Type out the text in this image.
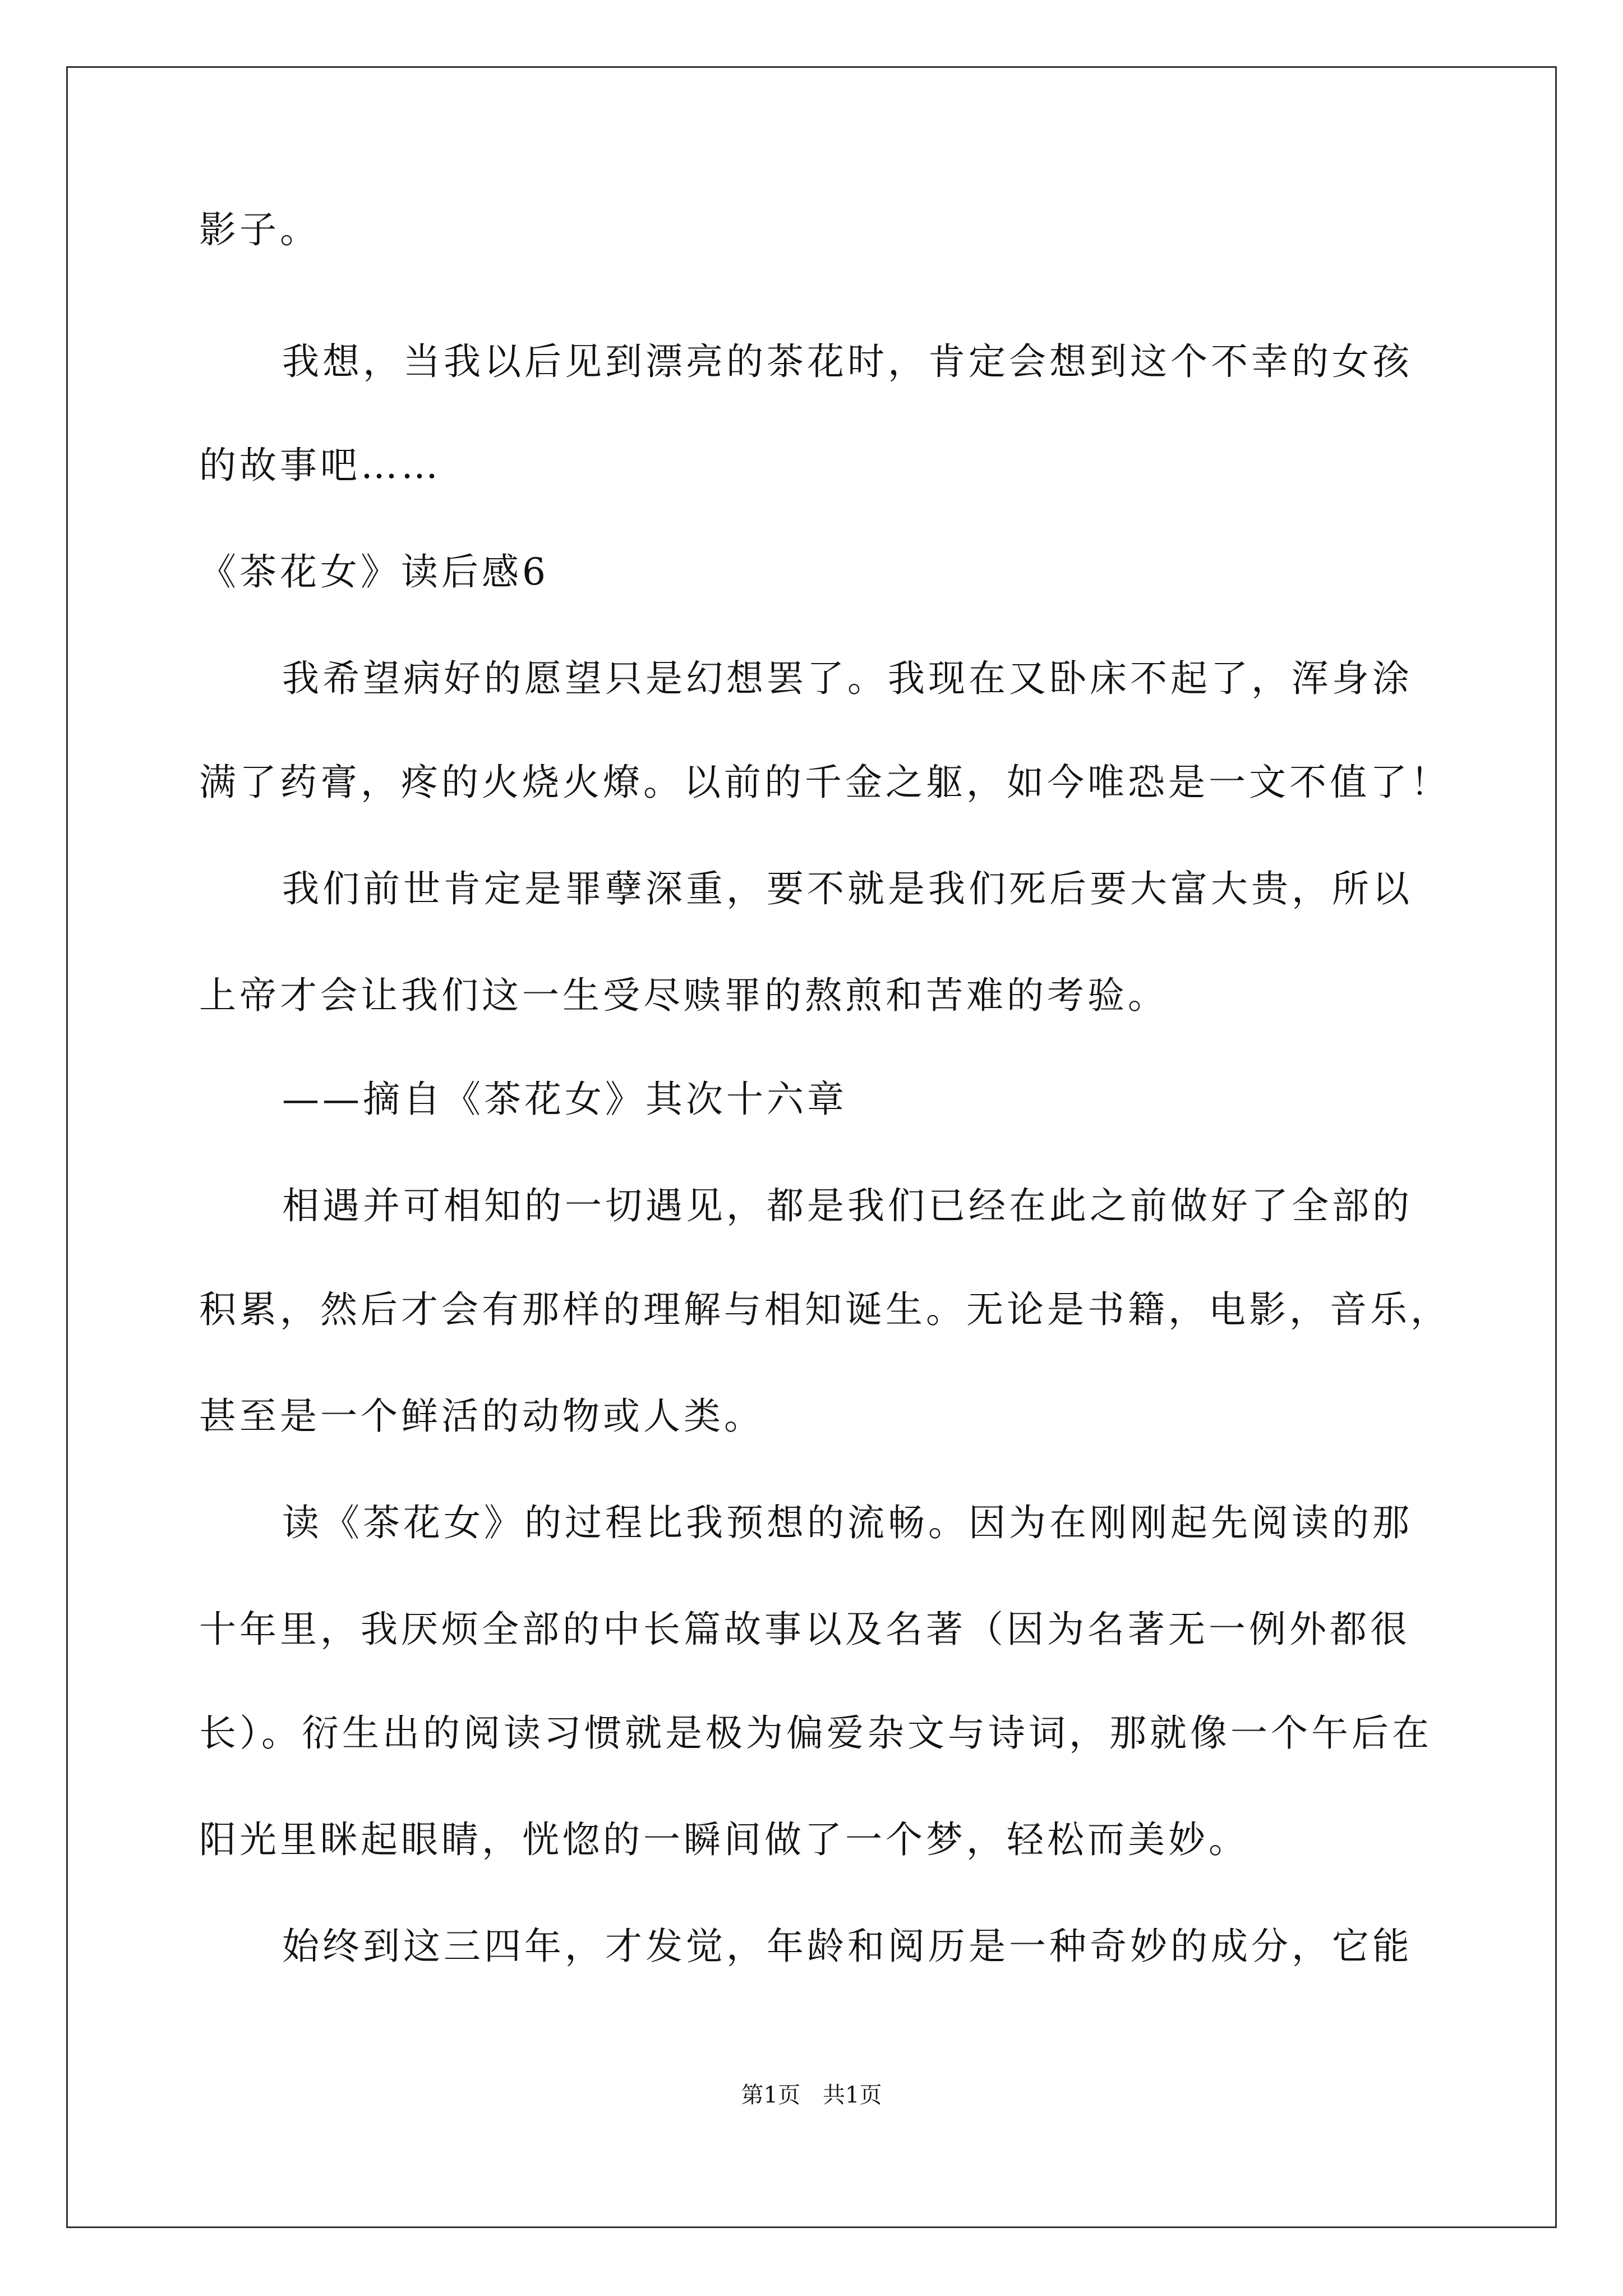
影子。
我想，当我以后见到漂亮的茶花时，肯定会想到这个不幸的女孩
的故事吧……
《茶花女》读后感6
我希望病好的愿望只是幻想罢了。我现在又卧床不起了，浑身涂
满了药膏，疼的火烧火燎。以前的千金之躯，如今唯恐是一文不值了！
我们前世肯定是罪孽深重，要不就是我们死后要大富大贵，所以
上帝才会让我们这一生受尽赎罪的熬煎和苦难的考验。
——摘自《茶花女》其次十六章
相遇并可相知的一切遇见，都是我们已经在此之前做好了全部的
积累，然后才会有那样的理解与相知诞生。无论是书籍，电影，音乐，
甚至是一个鲜活的动物或人类。
读《茶花女》的过程比我预想的流畅。因为在刚刚起先阅读的那
十年里，我厌烦全部的中长篇故事以及名著（因为名著无一例外都很
长）。衍生出的阅读习惯就是极为偏爱杂文与诗词，那就像一个午后在
阳光里眯起眼睛，恍惚的一瞬间做了一个梦，轻松而美妙。
始终到这三四年，才发觉，年龄和阅历是一种奇妙的成分，它能
第1页　共1页
